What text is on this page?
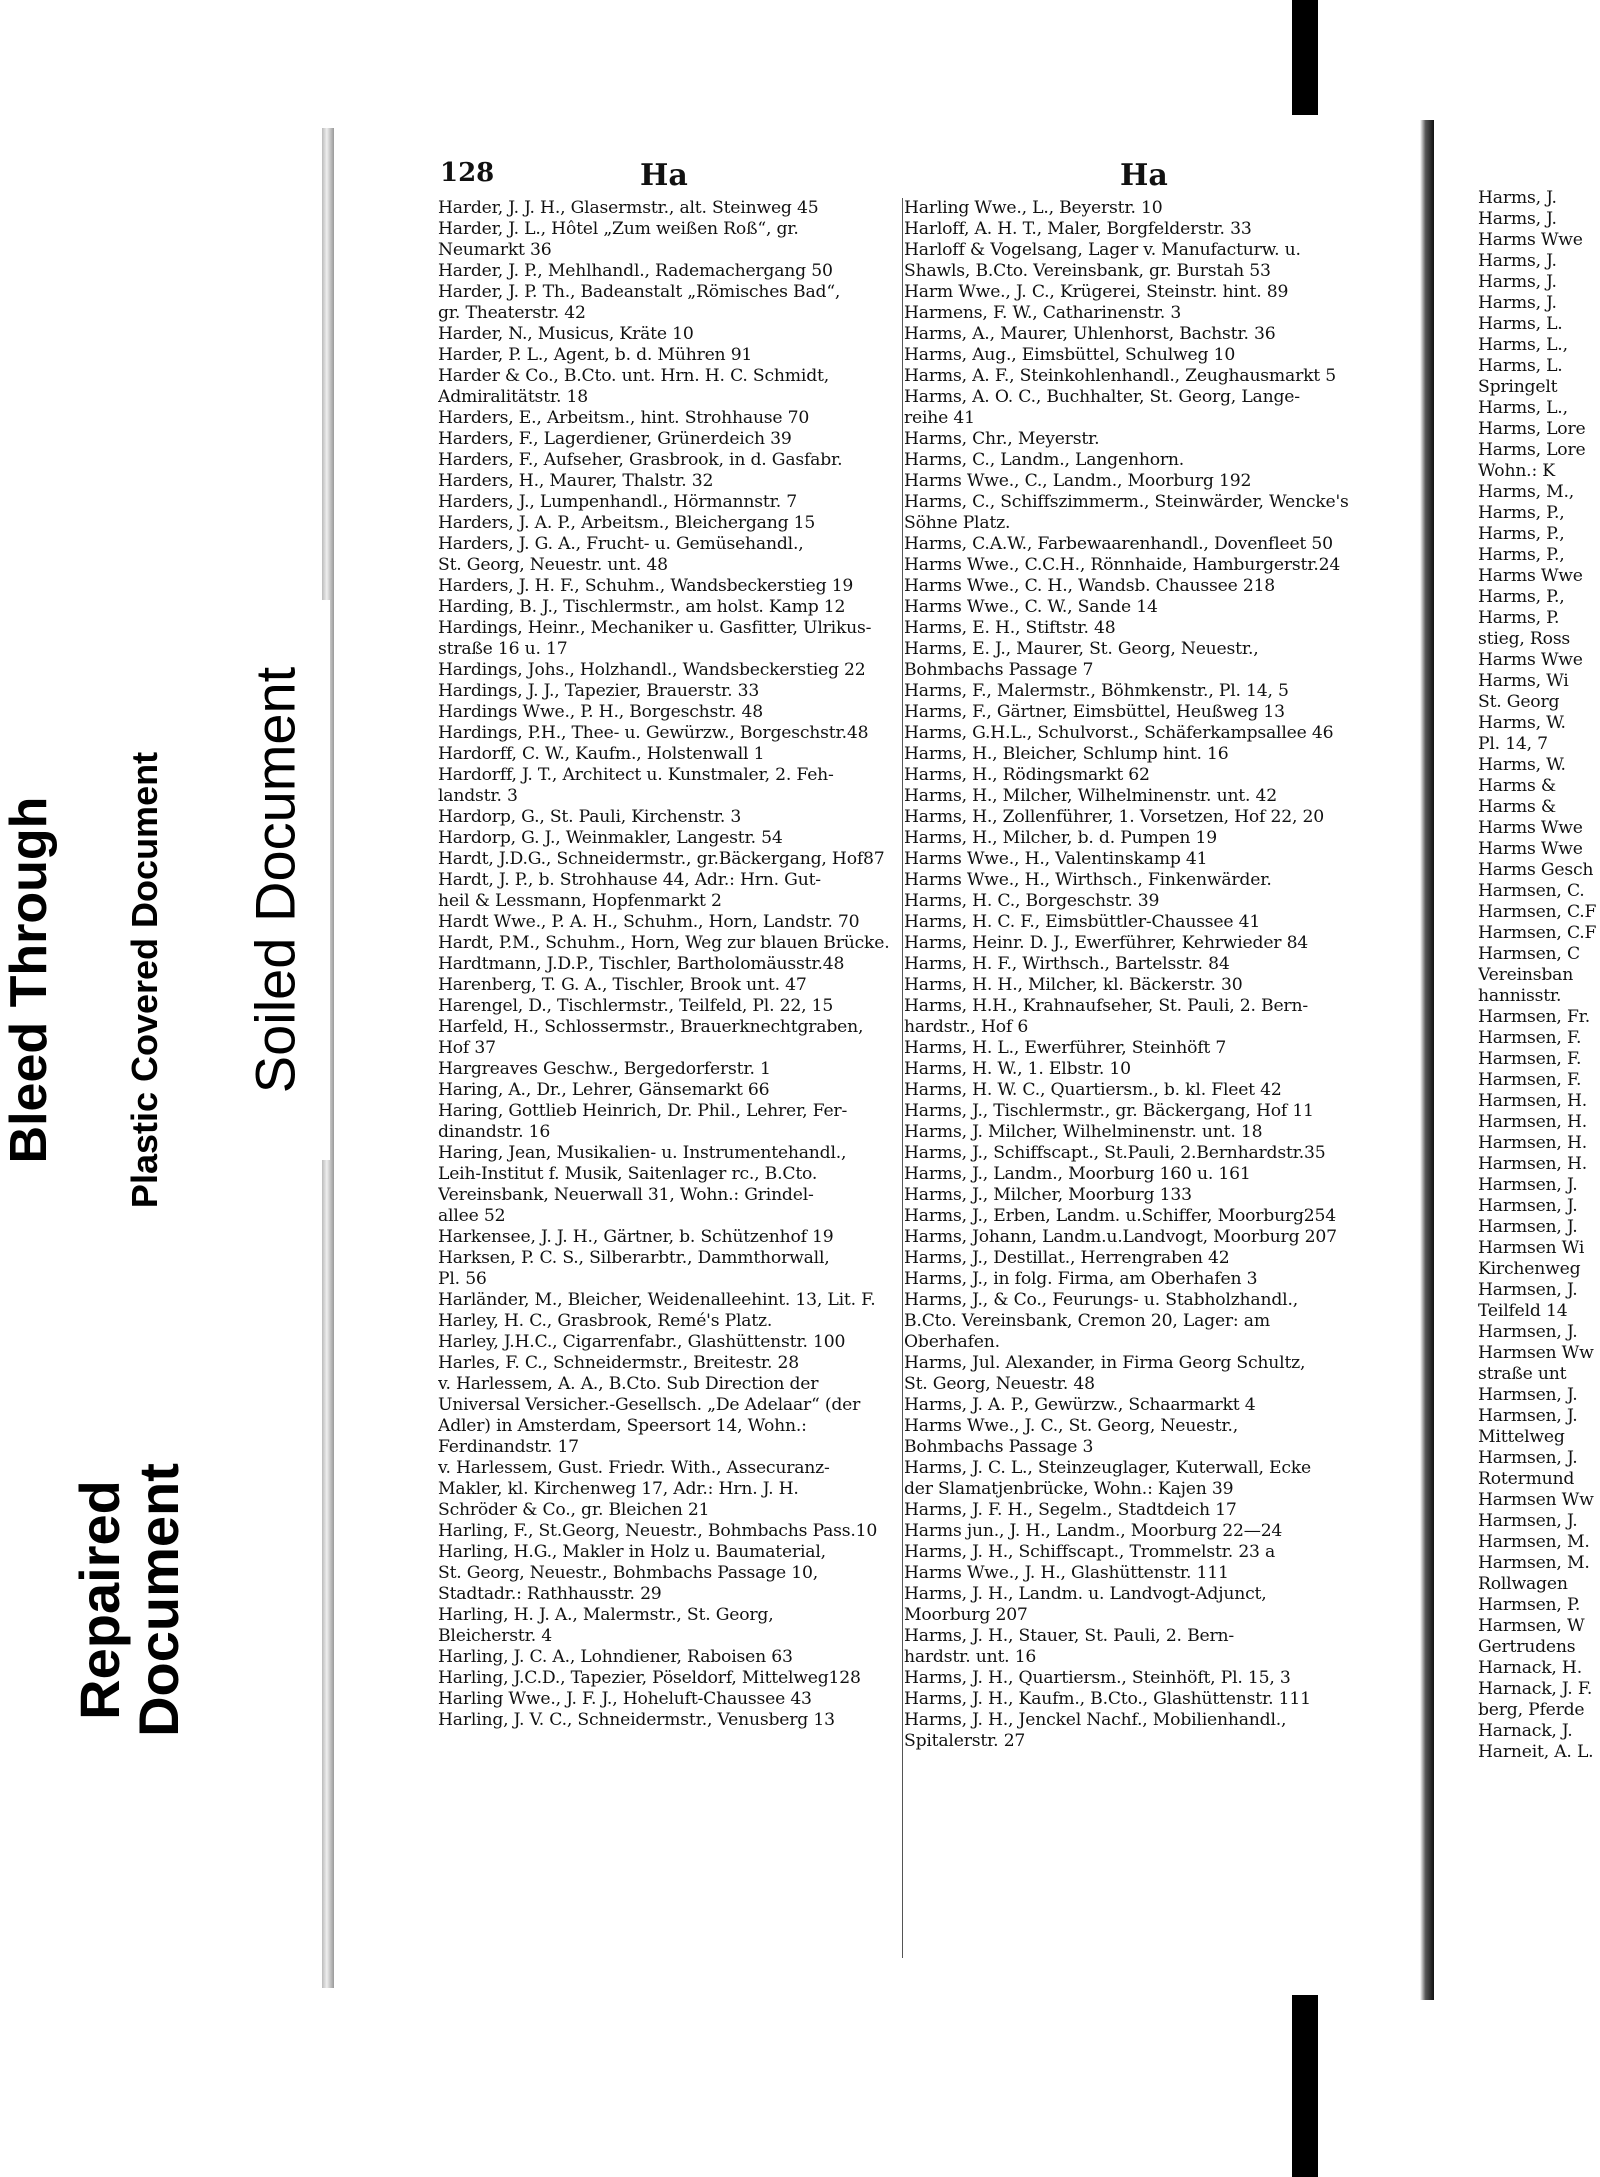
Bleed Through Plastic Covered Document Soiled Document
Repaired
Document
128	Ha	Ha
Harder, J. J. H., Glasermstr., alt. Steinweg 45
Harder, J. L., Hôtel „Zum weißen Roß“, gr.
Neumarkt 36
Harder, J. P., Mehlhandl., Rademachergang 50
Harder, J. P. Th., Badeanstalt „Römisches Bad“,
gr. Theaterstr. 42
Harder, N., Musicus, Kräte 10
Harder, P. L., Agent, b. d. Mühren 91
Harder & Co., B.Cto. unt. Hrn. H. C. Schmidt,
Admiralitätstr. 18
Harders, E., Arbeitsm., hint. Strohhause 70
Harders, F., Lagerdiener, Grünerdeich 39
Harders, F., Aufseher, Grasbrook, in d. Gasfabr.
Harders, H., Maurer, Thalstr. 32
Harders, J., Lumpenhandl., Hörmannstr. 7
Harders, J. A. P., Arbeitsm., Bleichergang 15
Harders, J. G. A., Frucht- u. Gemüsehandl.,
St. Georg, Neuestr. unt. 48
Harders, J. H. F., Schuhm., Wandsbeckerstieg 19
Harding, B. J., Tischlermstr., am holst. Kamp 12
Hardings, Heinr., Mechaniker u. Gasfitter, Ulrikus-
straße 16 u. 17
Hardings, Johs., Holzhandl., Wandsbeckerstieg 22
Hardings, J. J., Tapezier, Brauerstr. 33
Hardings Wwe., P. H., Borgeschstr. 48
Hardings, P.H., Thee- u. Gewürzw., Borgeschstr.48
Hardorff, C. W., Kaufm., Holstenwall 1
Hardorff, J. T., Architect u. Kunstmaler, 2. Feh-
landstr. 3
Hardorp, G., St. Pauli, Kirchenstr. 3
Hardorp, G. J., Weinmakler, Langestr. 54
Hardt, J.D.G., Schneidermstr., gr.Bäckergang, Hof87
Hardt, J. P., b. Strohhause 44, Adr.: Hrn. Gut-
heil & Lessmann, Hopfenmarkt 2
Hardt Wwe., P. A. H., Schuhm., Horn, Landstr. 70
Hardt, P.M., Schuhm., Horn, Weg zur blauen Brücke.
Hardtmann, J.D.P., Tischler, Bartholomäusstr.48
Harenberg, T. G. A., Tischler, Brook unt. 47
Harengel, D., Tischlermstr., Teilfeld, Pl. 22, 15
Harfeld, H., Schlossermstr., Brauerknechtgraben,
Hof 37
Hargreaves Geschw., Bergedorferstr. 1
Haring, A., Dr., Lehrer, Gänsemarkt 66
Haring, Gottlieb Heinrich, Dr. Phil., Lehrer, Fer-
dinandstr. 16
Haring, Jean, Musikalien- u. Instrumentehandl.,
Leih-Institut f. Musik, Saitenlager rc., B.Cto.
Vereinsbank, Neuerwall 31, Wohn.: Grindel-
allee 52
Harkensee, J. J. H., Gärtner, b. Schützenhof 19
Harksen, P. C. S., Silberarbtr., Dammthorwall,
Pl. 56
Harländer, M., Bleicher, Weidenalleehint. 13, Lit. F.
Harley, H. C., Grasbrook, Remé's Platz.
Harley, J.H.C., Cigarrenfabr., Glashüttenstr. 100
Harles, F. C., Schneidermstr., Breitestr. 28
v. Harlessem, A. A., B.Cto. Sub Direction der
Universal Versicher.-Gesellsch. „De Adelaar“ (der
Adler) in Amsterdam, Speersort 14, Wohn.:
Ferdinandstr. 17
v. Harlessem, Gust. Friedr. With., Assecuranz-
Makler, kl. Kirchenweg 17, Adr.: Hrn. J. H.
Schröder & Co., gr. Bleichen 21
Harling, F., St.Georg, Neuestr., Bohmbachs Pass.10
Harling, H.G., Makler in Holz u. Baumaterial,
St. Georg, Neuestr., Bohmbachs Passage 10,
Stadtadr.: Rathhausstr. 29
Harling, H. J. A., Malermstr., St. Georg,
Bleicherstr. 4
Harling, J. C. A., Lohndiener, Raboisen 63
Harling, J.C.D., Tapezier, Pöseldorf, Mittelweg128
Harling Wwe., J. F. J., Hoheluft-Chaussee 43
Harling, J. V. C., Schneidermstr., Venusberg 13
Harling Wwe., L., Beyerstr. 10
Harloff, A. H. T., Maler, Borgfelderstr. 33
Harloff & Vogelsang, Lager v. Manufacturw. u.
Shawls, B.Cto. Vereinsbank, gr. Burstah 53
Harm Wwe., J. C., Krügerei, Steinstr. hint. 89
Harmens, F. W., Catharinenstr. 3
Harms, A., Maurer, Uhlenhorst, Bachstr. 36
Harms, Aug., Eimsbüttel, Schulweg 10
Harms, A. F., Steinkohlenhandl., Zeughausmarkt 5
Harms, A. O. C., Buchhalter, St. Georg, Lange-
reihe 41
Harms, Chr., Meyerstr.
Harms, C., Landm., Langenhorn.
Harms Wwe., C., Landm., Moorburg 192
Harms, C., Schiffszimmerm., Steinwärder, Wencke's
Söhne Platz.
Harms, C.A.W., Farbewaarenhandl., Dovenfleet 50
Harms Wwe., C.C.H., Rönnhaide, Hamburgerstr.24
Harms Wwe., C. H., Wandsb. Chaussee 218
Harms Wwe., C. W., Sande 14
Harms, E. H., Stiftstr. 48
Harms, E. J., Maurer, St. Georg, Neuestr.,
Bohmbachs Passage 7
Harms, F., Malermstr., Böhmkenstr., Pl. 14, 5
Harms, F., Gärtner, Eimsbüttel, Heußweg 13
Harms, G.H.L., Schulvorst., Schäferkampsallee 46
Harms, H., Bleicher, Schlump hint. 16
Harms, H., Rödingsmarkt 62
Harms, H., Milcher, Wilhelminenstr. unt. 42
Harms, H., Zollenführer, 1. Vorsetzen, Hof 22, 20
Harms, H., Milcher, b. d. Pumpen 19
Harms Wwe., H., Valentinskamp 41
Harms Wwe., H., Wirthsch., Finkenwärder.
Harms, H. C., Borgeschstr. 39
Harms, H. C. F., Eimsbüttler-Chaussee 41
Harms, Heinr. D. J., Ewerführer, Kehrwieder 84
Harms, H. F., Wirthsch., Bartelsstr. 84
Harms, H. H., Milcher, kl. Bäckerstr. 30
Harms, H.H., Krahnaufseher, St. Pauli, 2. Bern-
hardstr., Hof 6
Harms, H. L., Ewerführer, Steinhöft 7
Harms, H. W., 1. Elbstr. 10
Harms, H. W. C., Quartiersm., b. kl. Fleet 42
Harms, J., Tischlermstr., gr. Bäckergang, Hof 11
Harms, J. Milcher, Wilhelminenstr. unt. 18
Harms, J., Schiffscapt., St.Pauli, 2.Bernhardstr.35
Harms, J., Landm., Moorburg 160 u. 161
Harms, J., Milcher, Moorburg 133
Harms, J., Erben, Landm. u.Schiffer, Moorburg254
Harms, Johann, Landm.u.Landvogt, Moorburg 207
Harms, J., Destillat., Herrengraben 42
Harms, J., in folg. Firma, am Oberhafen 3
Harms, J., & Co., Feurungs- u. Stabholzhandl.,
B.Cto. Vereinsbank, Cremon 20, Lager: am
Oberhafen.
Harms, Jul. Alexander, in Firma Georg Schultz,
St. Georg, Neuestr. 48
Harms, J. A. P., Gewürzw., Schaarmarkt 4
Harms Wwe., J. C., St. Georg, Neuestr.,
Bohmbachs Passage 3
Harms, J. C. L., Steinzeuglager, Kuterwall, Ecke
der Slamatjenbrücke, Wohn.: Kajen 39
Harms, J. F. H., Segelm., Stadtdeich 17
Harms jun., J. H., Landm., Moorburg 22—24
Harms, J. H., Schiffscapt., Trommelstr. 23 a
Harms Wwe., J. H., Glashüttenstr. 111
Harms, J. H., Landm. u. Landvogt-Adjunct,
Moorburg 207
Harms, J. H., Stauer, St. Pauli, 2. Bern-
hardstr. unt. 16
Harms, J. H., Quartiersm., Steinhöft, Pl. 15, 3
Harms, J. H., Kaufm., B.Cto., Glashüttenstr. 111
Harms, J. H., Jenckel Nachf., Mobilienhandl.,
Spitalerstr. 27
Harms, J.
Harms, J.
Harms Wwe
Harms, J.
Harms, J.
Harms, J.
Harms, L.
Harms, L.,
Harms, L.
Springelt
Harms, L.,
Harms, Lore
Harms, Lore
Wohn.: K
Harms, M.,
Harms, P.,
Harms, P.,
Harms, P.,
Harms Wwe
Harms, P.,
Harms, P.
stieg, Ross
Harms Wwe
Harms, Wi
St. Georg
Harms, W.
Pl. 14, 7
Harms, W.
Harms &
Harms &
Harms Wwe
Harms Wwe
Harms Gesch
Harmsen, C.
Harmsen, C.F
Harmsen, C.F
Harmsen, C
Vereinsban
hannisstr.
Harmsen, Fr.
Harmsen, F.
Harmsen, F.
Harmsen, F.
Harmsen, H.
Harmsen, H.
Harmsen, H.
Harmsen, H.
Harmsen, J.
Harmsen, J.
Harmsen, J.
Harmsen Wi
Kirchenweg
Harmsen, J.
Teilfeld 14
Harmsen, J.
Harmsen Ww
straße unt
Harmsen, J.
Harmsen, J.
Mittelweg
Harmsen, J.
Rotermund
Harmsen Ww
Harmsen, J.
Harmsen, M.
Harmsen, M.
Rollwagen
Harmsen, P.
Harmsen, W
Gertrudens
Harnack, H.
Harnack, J. F.
berg, Pferde
Harnack, J.
Harneit, A. L.
